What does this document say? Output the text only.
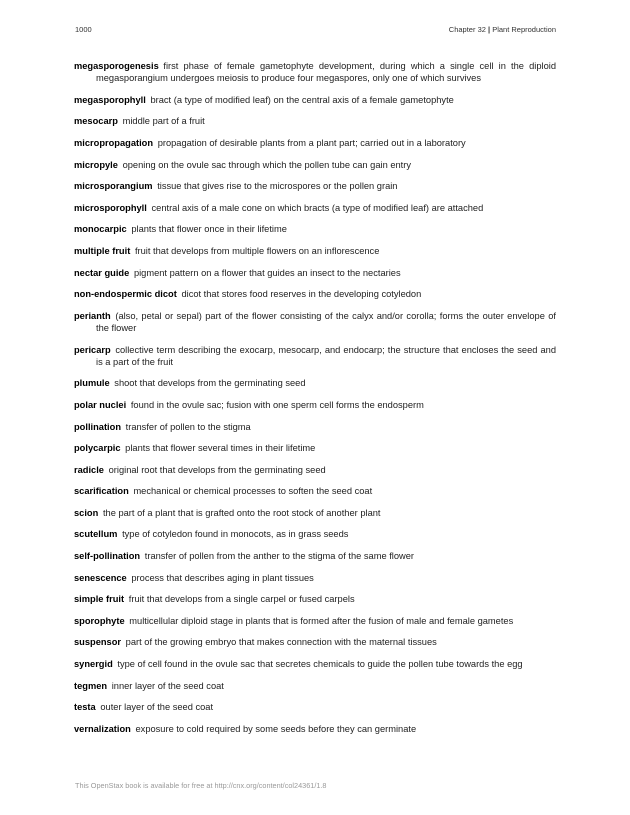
1000	Chapter 32 | Plant Reproduction

megasporogenesis  first phase of female gametophyte development, during which a single cell in the diploid megasporangium undergoes meiosis to produce four megaspores, only one of which survives

megasporophyll  bract (a type of modified leaf) on the central axis of a female gametophyte

mesocarp  middle part of a fruit

micropropagation  propagation of desirable plants from a plant part; carried out in a laboratory

micropyle  opening on the ovule sac through which the pollen tube can gain entry

microsporangium  tissue that gives rise to the microspores or the pollen grain

microsporophyll  central axis of a male cone on which bracts (a type of modified leaf) are attached

monocarpic  plants that flower once in their lifetime

multiple fruit  fruit that develops from multiple flowers on an inflorescence

nectar guide  pigment pattern on a flower that guides an insect to the nectaries

non-endospermic dicot  dicot that stores food reserves in the developing cotyledon

perianth  (also, petal or sepal) part of the flower consisting of the calyx and/or corolla; forms the outer envelope of the flower

pericarp  collective term describing the exocarp, mesocarp, and endocarp; the structure that encloses the seed and is a part of the fruit

plumule  shoot that develops from the germinating seed

polar nuclei  found in the ovule sac; fusion with one sperm cell forms the endosperm

pollination  transfer of pollen to the stigma

polycarpic  plants that flower several times in their lifetime

radicle  original root that develops from the germinating seed

scarification  mechanical or chemical processes to soften the seed coat

scion  the part of a plant that is grafted onto the root stock of another plant

scutellum  type of cotyledon found in monocots, as in grass seeds

self-pollination  transfer of pollen from the anther to the stigma of the same flower

senescence  process that describes aging in plant tissues

simple fruit  fruit that develops from a single carpel or fused carpels

sporophyte  multicellular diploid stage in plants that is formed after the fusion of male and female gametes

suspensor  part of the growing embryo that makes connection with the maternal tissues

synergid  type of cell found in the ovule sac that secretes chemicals to guide the pollen tube towards the egg

tegmen  inner layer of the seed coat

testa  outer layer of the seed coat

vernalization  exposure to cold required by some seeds before they can germinate

This OpenStax book is available for free at http://cnx.org/content/col24361/1.8
